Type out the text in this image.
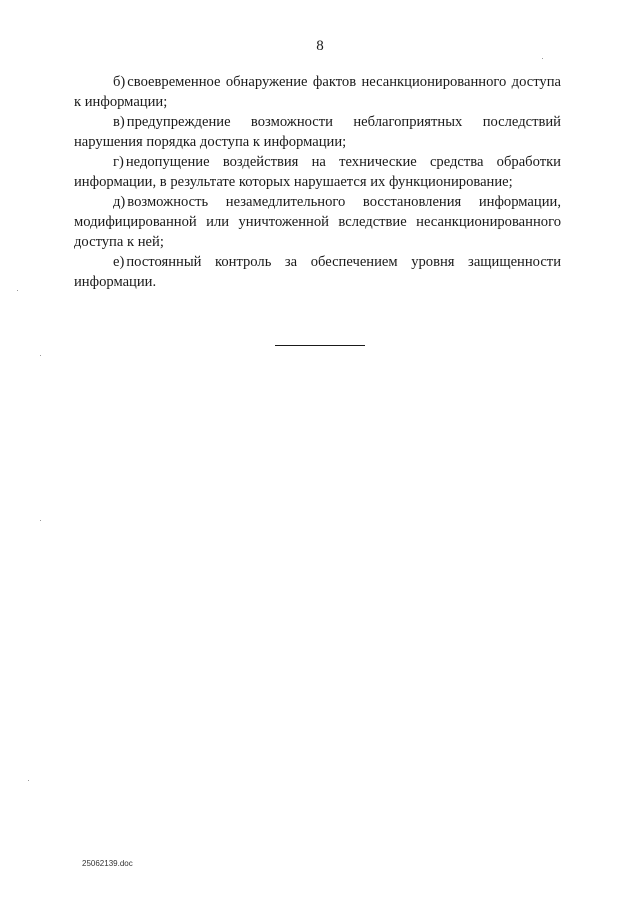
8

б) своевременное обнаружение фактов несанкционированного доступа к информации;

в) предупреждение возможности неблагоприятных последствий нарушения порядка доступа к информации;

г) недопущение воздействия на технические средства обработки информации, в результате которых нарушается их функционирование;

д) возможность незамедлительного восстановления информации, модифицированной или уничтоженной вследствие несанкционированного доступа к ней;

е) постоянный контроль за обеспечением уровня защищенности информации.

25062139.doc
